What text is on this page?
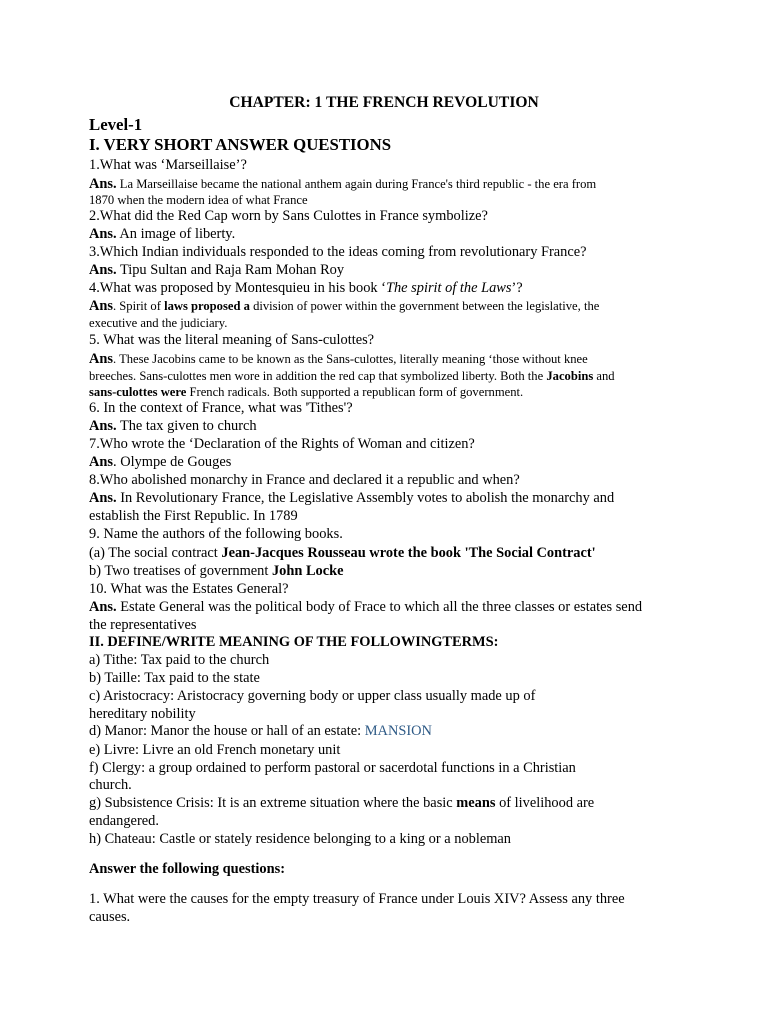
CHAPTER: 1 THE FRENCH REVOLUTION
Level-1
I. VERY SHORT ANSWER QUESTIONS
1.What was ‘Marseillaise’?
Ans. La Marseillaise became the national anthem again during France's third republic - the era from
1870 when the modern idea of what France
2.What did the Red Cap worn by Sans Culottes in France symbolize?
Ans. An image of liberty.
3.Which Indian individuals responded to the ideas coming from revolutionary France?
Ans. Tipu Sultan and Raja Ram Mohan Roy
4.What was proposed by Montesquieu in his book ‘The spirit of the Laws’?
Ans. Spirit of laws proposed a division of power within the government between the legislative, the
executive and the judiciary.
5. What was the literal meaning of Sans-culottes?
Ans. These Jacobins came to be known as the Sans-culottes, literally meaning ‘those without knee
breeches. Sans-culottes men wore in addition the red cap that symbolized liberty. Both the Jacobins and
sans-culottes were French radicals. Both supported a republican form of government.
6. In the context of France, what was 'Tithes'?
Ans. The tax given to church
7.Who wrote the ‘Declaration of the Rights of Woman and citizen?
Ans. Olympe de Gouges
8.Who abolished monarchy in France and declared it a republic and when?
Ans. In Revolutionary France, the Legislative Assembly votes to abolish the monarchy and
establish the First Republic. In 1789
9. Name the authors of the following books.
(a) The social contract Jean-Jacques Rousseau wrote the book 'The Social Contract'
b) Two treatises of government John Locke
10. What was the Estates General?
Ans. Estate General was the political body of Frace to which all the three classes or estates send
the representatives
II. DEFINE/WRITE MEANING OF THE FOLLOWINGTERMS:
a) Tithe: Tax paid to the church
b) Taille: Tax paid to the state
c) Aristocracy: Aristocracy governing body or upper class usually made up of
hereditary nobility
d) Manor: Manor the house or hall of an estate: MANSION
e) Livre: Livre an old French monetary unit
f) Clergy: a group ordained to perform pastoral or sacerdotal functions in a Christian
church.
g) Subsistence Crisis: It is an extreme situation where the basic means of livelihood are
endangered.
h) Chateau: Castle or stately residence belonging to a king or a nobleman
Answer the following questions:
1. What were the causes for the empty treasury of France under Louis XIV? Assess any three
causes.
